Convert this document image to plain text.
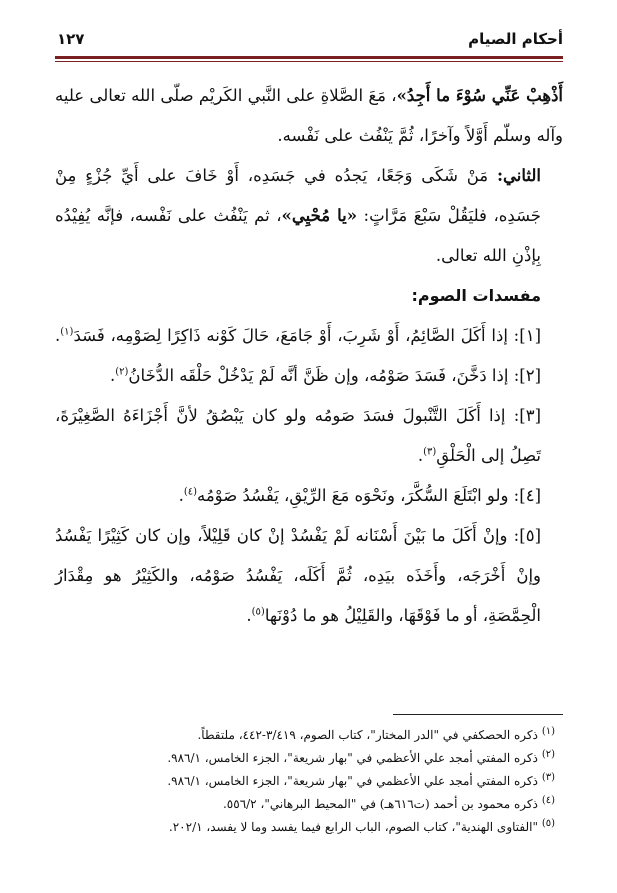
أحكام الصيام
١٢٧

أَذْهِبْ عَنِّي سُوْءَ ما أَجِدُ»، مَعَ الصَّلاةِ على النَّبي الكَريْم صلّى الله تعالى عليه وآله وسلّم أَوَّلاً وآخرًا، ثُمَّ يَنْفُث على نَفْسه.

الثاني: مَنْ شَكَى وَجَعًا، يَجدُه في جَسَدِه، أَوْ خَافَ على أَيِّ جُزْءٍ مِنْ جَسَدِه، فليَقُلْ سَبْعَ مَرَّاتٍ: «يا مُحْيِي»، ثم يَنْفُث على نَفْسه، فإنَّه يُفِيْدُه بِإذْنِ الله تعالى.

مفسدات الصوم:

[١]: إذا أَكَلَ الصَّائِمُ، أَوْ شَرِبَ، أَوْ جَامَعَ، حَالَ كَوْنه ذَاكِرًا لِصَوْمِه، فَسَدَ$^{(١)}$. [٢]: إذا دَخَّنَ، فَسَدَ صَوْمُه، وإن ظَنَّ أنَّه لَمْ يَدْخُلْ حَلْقَه الدُّخَانُ$^{(٢)}$.

[٣]: إذا أَكَلَ التَّنْبولَ فسَدَ صَومُه ولو كان يَبْصُقُ لأنَّ أَجْزَاءَهُ الصَّغِيْرَةَ، تَصِلُ إلى الْحَلْقِ$^{(٣)}$.

[٤]: ولو ابْتَلَعَ السُّكَّرَ، ونَحْوَه مَعَ الرِّيْقِ، يَفْسُدُ صَوْمُه$^{(٤)}$.

[٥]: وإنْ أَكَلَ ما بَيْنَ أَسْنَانه لَمْ يَفْسُدْ إنْ كان قَلِيْلاً، وإن كان كَثِيْرًا يَفْسُدُ وإنْ أَخْرَجَه، وأَخَذَه بيَدِه، ثُمَّ أَكَلَه، يَفْسُدُ صَوْمُه، والكَثِيْرُ هو مِقْدَارُ الْحِمَّصَةِ، أو ما فَوْقَهَا، والقَلِيْلُ هو ما دُوْنَها$^{(٥)}$.

$^{(١)}$ ذكره الحصكفي في "الدر المختار"، كتاب الصوم، ٣/٤١٩-٤٤٢، ملتقطاً.

$^{(٢)}$ ذكره المفتي أمجد علي الأعظمي في "بهار شريعة"، الجزء الخامس، ٩٨٦/١.

$^{(٣)}$ ذكره المفتي أمجد علي الأعظمي في "بهار شريعة"، الجزء الخامس، ٩٨٦/١.

$^{(٤)}$ ذكره محمود بن أحمد (ت٦١٦هـ) في "المحيط البرهاني"، ٥٥٦/٢.

$^{(٥)}$ "الفتاوى الهندية"، كتاب الصوم، الباب الرابع فيما يفسد وما لا يفسد، ٢٠٢/١.
